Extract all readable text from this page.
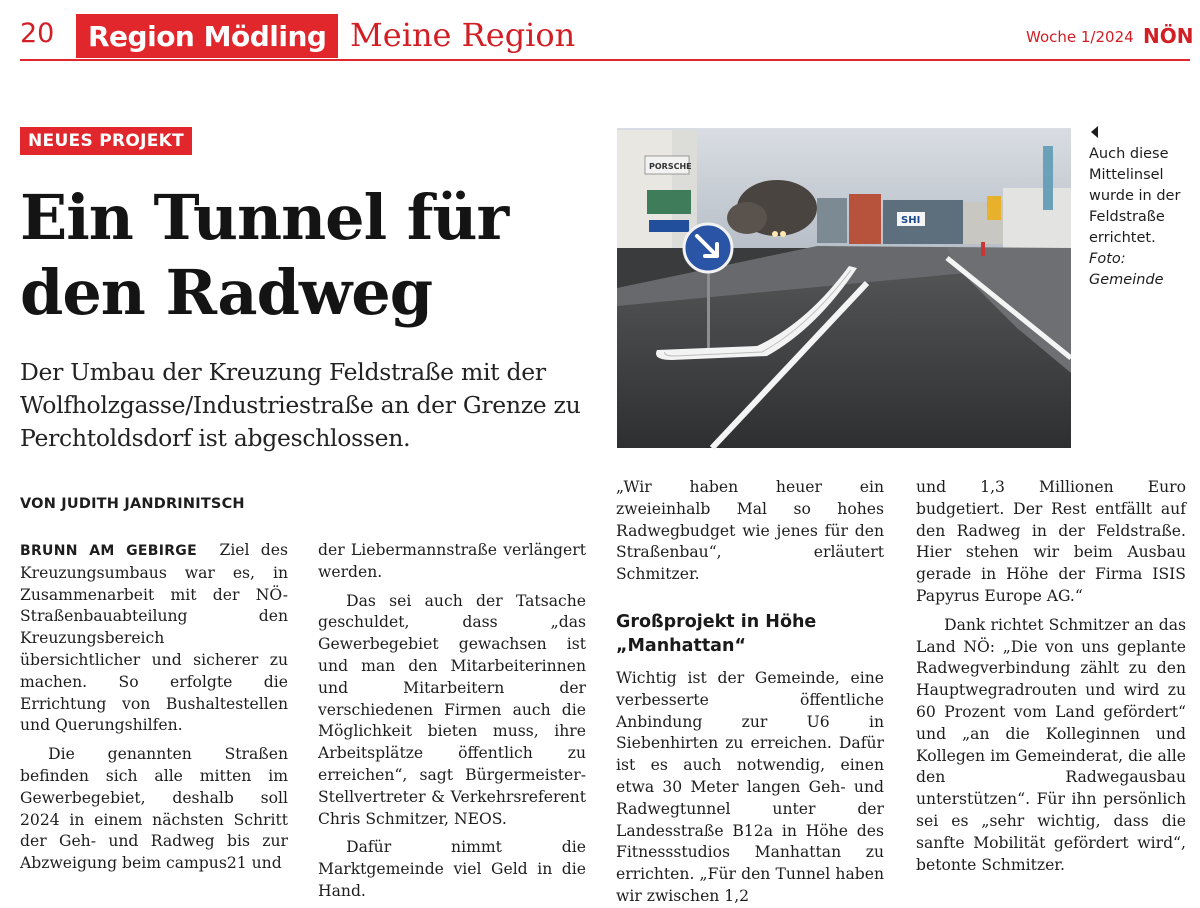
20	Region Mödling Meine Region	Woche 1/2024 NÖN
NEUES PROJEKT
Ein Tunnel für
den Radweg

Der Umbau der Kreuzung Feldstraße mit der Wolfholzgasse/Industriestraße an der Grenze zu Perchtoldsdorf ist abgeschlossen.

PORSCHE
SHI
Auch diese Mittelinsel wurde in der Feldstraße errichtet.
Foto:
Gemeinde
VON JUDITH JANDRINITSCH

BRUNN AM GEBIRGE Ziel des Kreuzungsumbaus war es, in Zusammenarbeit mit der NÖ-Straßenbauabteilung den Kreuzungsbereich übersichtlicher und sicherer zu machen. So erfolgte die Errichtung von Bushaltestellen und Querungshilfen.

Die genannten Straßen befinden sich alle mitten im Gewerbegebiet, deshalb soll 2024 in einem nächsten Schritt der Geh- und Radweg bis zur Abzweigung beim campus21 und

der Liebermannstraße verlängert werden.

Das sei auch der Tatsache geschuldet, dass „das Gewerbegebiet gewachsen ist und man den Mitarbeiterinnen und Mitarbeitern der verschiedenen Firmen auch die Möglichkeit bieten muss, ihre Arbeitsplätze öffentlich zu erreichen“, sagt Bürgermeister-Stellvertreter & Verkehrsreferent Chris Schmitzer, NEOS.

Dafür nimmt die Marktgemeinde viel Geld in die Hand.

„Wir haben heuer ein zweieinhalb Mal so hohes Radwegbudget wie jenes für den Straßenbau“, erläutert Schmitzer.

Großprojekt in Höhe „Manhattan“

Wichtig ist der Gemeinde, eine verbesserte öffentliche Anbindung zur U6 in Siebenhirten zu erreichen. Dafür ist es auch notwendig, einen etwa 30 Meter langen Geh- und Radwegtunnel unter der Landesstraße B12a in Höhe des Fitnessstudios Manhattan zu errichten. „Für den Tunnel haben wir zwischen 1,2

und 1,3 Millionen Euro budgetiert. Der Rest entfällt auf den Radweg in der Feldstraße. Hier stehen wir beim Ausbau gerade in Höhe der Firma ISIS Papyrus Europe AG.“

Dank richtet Schmitzer an das Land NÖ: „Die von uns geplante Radwegverbindung zählt zu den Hauptwegradrouten und wird zu 60 Prozent vom Land gefördert“ und „an die Kolleginnen und Kollegen im Gemeinderat, die alle den Radwegausbau unterstützen“. Für ihn persönlich sei es „sehr wichtig, dass die sanfte Mobilität gefördert wird“, betonte Schmitzer.
